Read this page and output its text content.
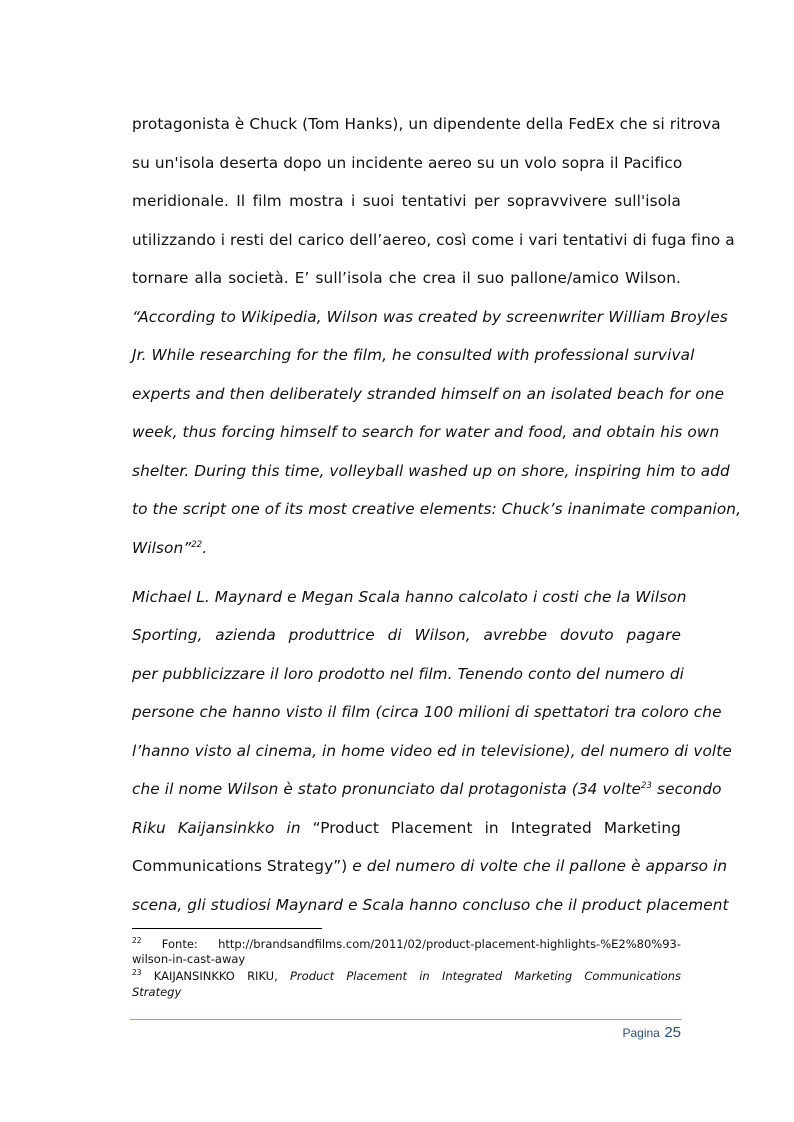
protagonista è Chuck (Tom Hanks), un dipendente della FedEx che si ritrova
su un'isola deserta dopo un incidente aereo su un volo sopra il Pacifico
meridionale. Il film mostra i suoi tentativi per sopravvivere sull'isola
utilizzando i resti del carico dell’aereo, così come i vari tentativi di fuga fino a
tornare alla società. E’ sull’isola che crea il suo pallone/amico Wilson.
“According to Wikipedia, Wilson was created by screenwriter William Broyles
Jr. While researching for the film, he consulted with professional survival
experts and then deliberately stranded himself on an isolated beach for one
week, thus forcing himself to search for water and food, and obtain his own
shelter. During this time, volleyball washed up on shore, inspiring him to add
to the script one of its most creative elements: Chuck’s inanimate companion,
Wilson”$^{22}$.
Michael L. Maynard e Megan Scala hanno calcolato i costi che la Wilson
Sporting, azienda produttrice di Wilson, avrebbe dovuto pagare
per pubblicizzare il loro prodotto nel film. Tenendo conto del numero di
persone che hanno visto il film (circa 100 milioni di spettatori tra coloro che
l’hanno visto al cinema, in home video ed in televisione), del numero di volte
che il nome Wilson è stato pronunciato dal protagonista (34 volte$^{23}$ secondo
Riku Kaijansinkko in “Product Placement in Integrated Marketing
Communications Strategy”) e del numero di volte che il pallone è apparso in
scena, gli studiosi Maynard e Scala hanno concluso che il product placement
$^{22}$ Fonte: http://brandsandfilms.com/2011/02/product-placement-highlights-%E2%80%93-
wilson-in-cast-away
$^{23}$ KAIJANSINKKO RIKU, Product Placement in Integrated Marketing Communications
Strategy
Pagina 25
